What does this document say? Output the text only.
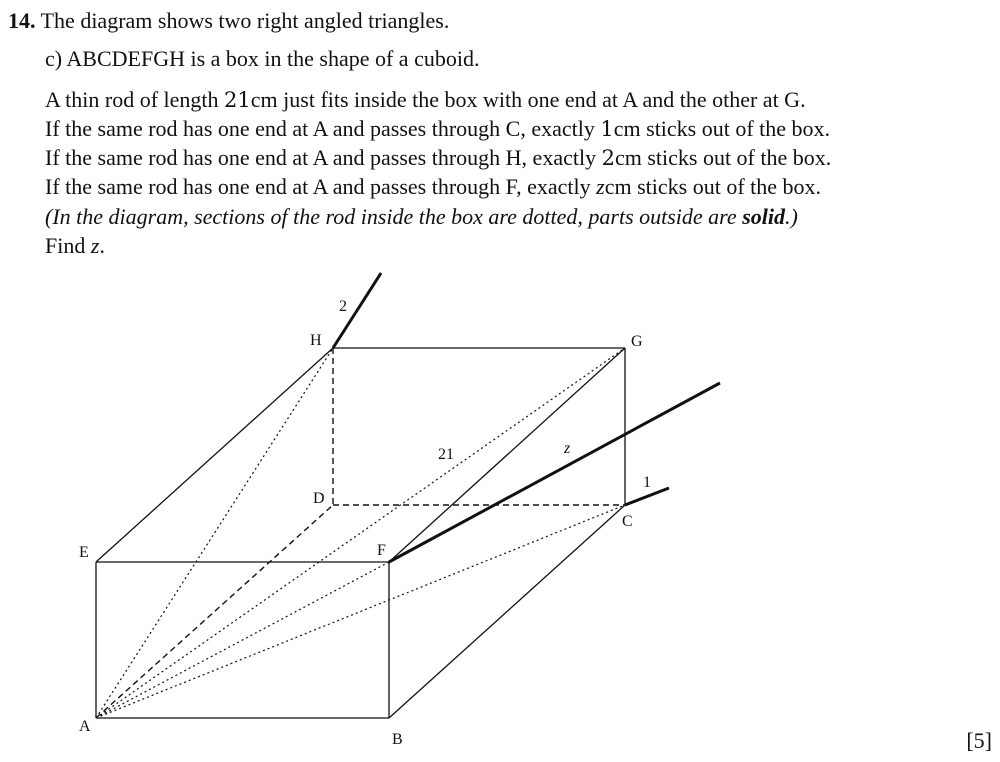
14. The diagram shows two right angled triangles.
c) ABCDEFGH is a box in the shape of a cuboid.
A thin rod of length 21cm just fits inside the box with one end at A and the other at G.
If the same rod has one end at A and passes through C, exactly 1cm sticks out of the box.
If the same rod has one end at A and passes through H, exactly 2cm sticks out of the box.
If the same rod has one end at A and passes through F, exactly zcm sticks out of the box.
(In the diagram, sections of the rod inside the box are dotted, parts outside are solid.)
Find z.
A
B
C
D
E	F
G
H
21	z
1
2
[5]
